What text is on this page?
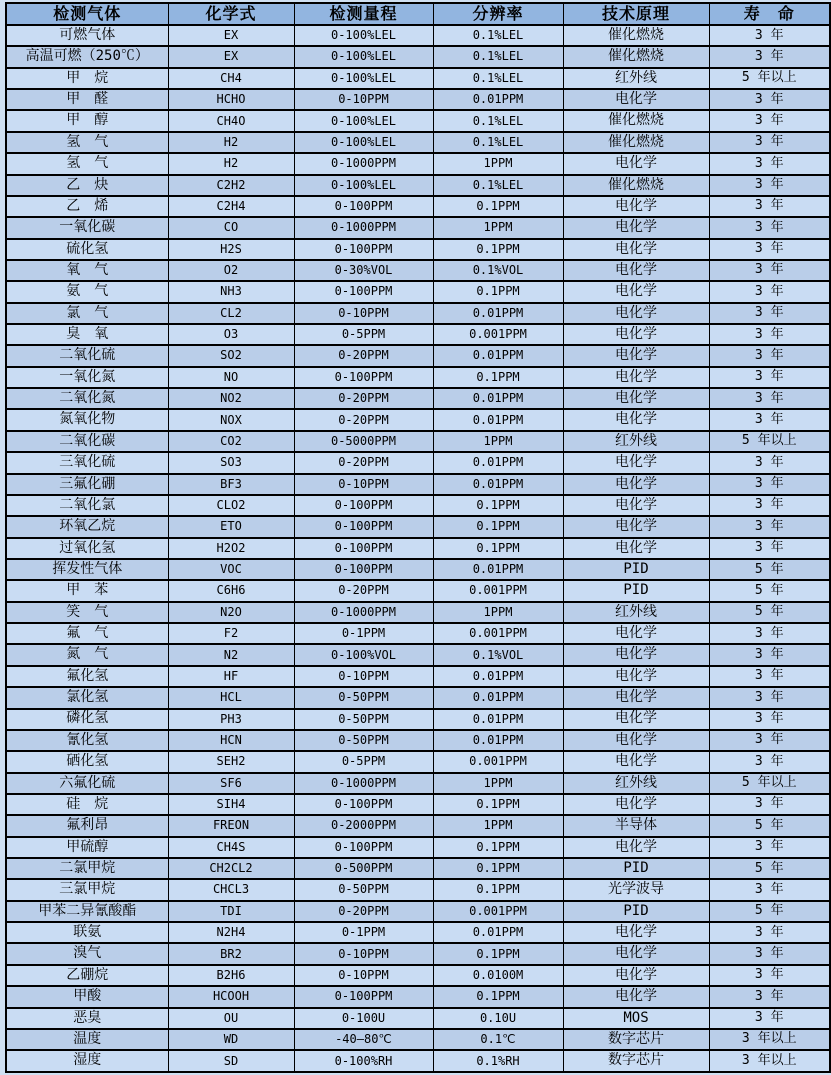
检测气体	化学式	检测量程	分辨率	技术原理	寿　命
可燃气体	EX	0-100%LEL	0.1%LEL	催化燃烧	3 年
高温可燃（250℃）	EX	0-100%LEL	0.1%LEL	催化燃烧	3 年
甲　烷	CH4	0-100%LEL	0.1%LEL	红外线	5 年以上
甲　醛	HCHO	0-10PPM	0.01PPM	电化学	3 年
甲　醇	CH4O	0-100%LEL	0.1%LEL	催化燃烧	3 年
氢　气	H2	0-100%LEL	0.1%LEL	催化燃烧	3 年
氢　气	H2	0-1000PPM	1PPM	电化学	3 年
乙　炔	C2H2	0-100%LEL	0.1%LEL	催化燃烧	3 年
乙　烯	C2H4	0-100PPM	0.1PPM	电化学	3 年
一氧化碳	CO	0-1000PPM	1PPM	电化学	3 年
硫化氢	H2S	0-100PPM	0.1PPM	电化学	3 年
氧　气	O2	0-30%VOL	0.1%VOL	电化学	3 年
氨　气	NH3	0-100PPM	0.1PPM	电化学	3 年
氯　气	CL2	0-10PPM	0.01PPM	电化学	3 年
臭　氧	O3	0-5PPM	0.001PPM	电化学	3 年
二氧化硫	SO2	0-20PPM	0.01PPM	电化学	3 年
一氧化氮	NO	0-100PPM	0.1PPM	电化学	3 年
二氧化氮	NO2	0-20PPM	0.01PPM	电化学	3 年
氮氧化物	NOX	0-20PPM	0.01PPM	电化学	3 年
二氧化碳	CO2	0-5000PPM	1PPM	红外线	5 年以上
三氧化硫	SO3	0-20PPM	0.01PPM	电化学	3 年
三氟化硼	BF3	0-10PPM	0.01PPM	电化学	3 年
二氧化氯	CLO2	0-100PPM	0.1PPM	电化学	3 年
环氧乙烷	ETO	0-100PPM	0.1PPM	电化学	3 年
过氧化氢	H2O2	0-100PPM	0.1PPM	电化学	3 年
挥发性气体	VOC	0-100PPM	0.01PPM	PID	5 年
甲　苯	C6H6	0-20PPM	0.001PPM	PID	5 年
笑　气	N2O	0-1000PPM	1PPM	红外线	5 年
氟　气	F2	0-1PPM	0.001PPM	电化学	3 年
氮　气	N2	0-100%VOL	0.1%VOL	电化学	3 年
氟化氢	HF	0-10PPM	0.01PPM	电化学	3 年
氯化氢	HCL	0-50PPM	0.01PPM	电化学	3 年
磷化氢	PH3	0-50PPM	0.01PPM	电化学	3 年
氰化氢	HCN	0-50PPM	0.01PPM	电化学	3 年
硒化氢	SEH2	0-5PPM	0.001PPM	电化学	3 年
六氟化硫	SF6	0-1000PPM	1PPM	红外线	5 年以上
硅　烷	SIH4	0-100PPM	0.1PPM	电化学	3 年
氟利昂	FREON	0-2000PPM	1PPM	半导体	5 年
甲硫醇	CH4S	0-100PPM	0.1PPM	电化学	3 年
二氯甲烷	CH2CL2	0-500PPM	0.1PPM	PID	5 年
三氯甲烷	CHCL3	0-50PPM	0.1PPM	光学波导	3 年
甲苯二异氰酸酯	TDI	0-20PPM	0.001PPM	PID	5 年
联氨	N2H4	0-1PPM	0.01PPM	电化学	3 年
溴气	BR2	0-10PPM	0.1PPM	电化学	3 年
乙硼烷	B2H6	0-10PPM	0.0100M	电化学	3 年
甲酸	HCOOH	0-100PPM	0.1PPM	电化学	3 年
恶臭	OU	0-100U	0.10U	MOS	3 年
温度	WD	-40—80℃	0.1℃	数字芯片	3 年以上
湿度	SD	0-100%RH	0.1%RH	数字芯片	3 年以上
